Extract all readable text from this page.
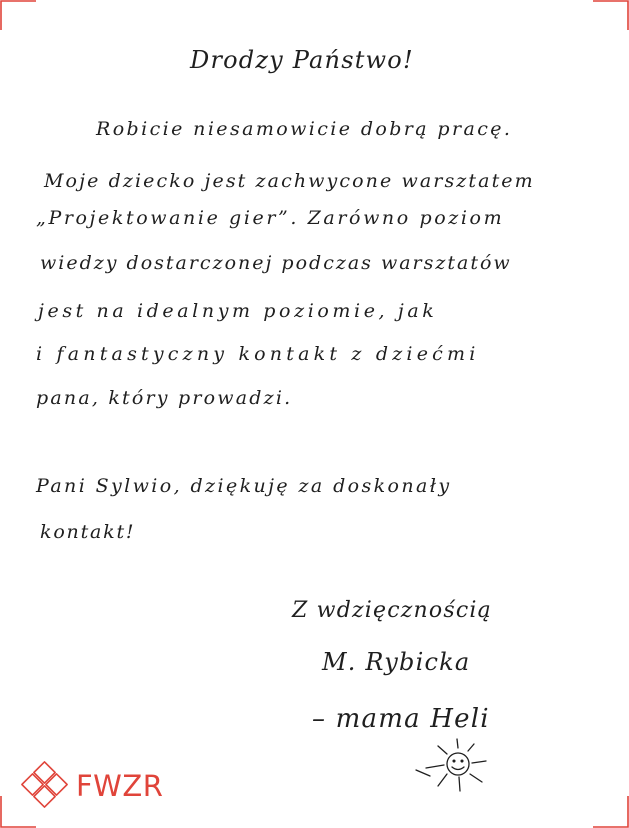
Drodzy Państwo!
Robicie niesamowicie dobrą pracę.
Moje dziecko jest zachwycone warsztatem
„Projektowanie gier”. Zarówno poziom
wiedzy dostarczonej podczas warsztatów
jest na idealnym poziomie, jak
i fantastyczny kontakt z dziećmi
pana, który prowadzi.
Pani Sylwio, dziękuję za doskonały
kontakt!
Z wdzięcznością
M. Rybicka
– mama Heli
FWZR
